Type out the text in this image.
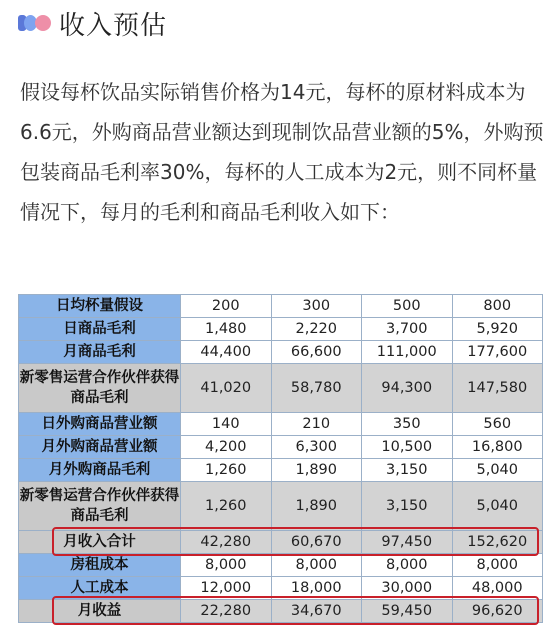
收入预估
假设每杯饮品实际销售价格为14元，每杯的原材料成本为6.6元，外购商品营业额达到现制饮品营业额的5%，外购预包装商品毛利率30%，每杯的人工成本为2元，则不同杯量情况下，每月的毛利和商品毛利收入如下：
日均杯量假设	200	300	500	800
日商品毛利	1,480	2,220	3,700	5,920
月商品毛利	44,400	66,600	111,000	177,600
新零售运营合作伙伴获得商品毛利	41,020	58,780	94,300	147,580
日外购商品营业额	140	210	350	560
月外购商品营业额	4,200	6,300	10,500	16,800
月外购商品毛利	1,260	1,890	3,150	5,040
新零售运营合作伙伴获得商品毛利	1,260	1,890	3,150	5,040
月收入合计	42,280	60,670	97,450	152,620
房租成本	8,000	8,000	8,000	8,000
人工成本	12,000	18,000	30,000	48,000
月收益	22,280	34,670	59,450	96,620
